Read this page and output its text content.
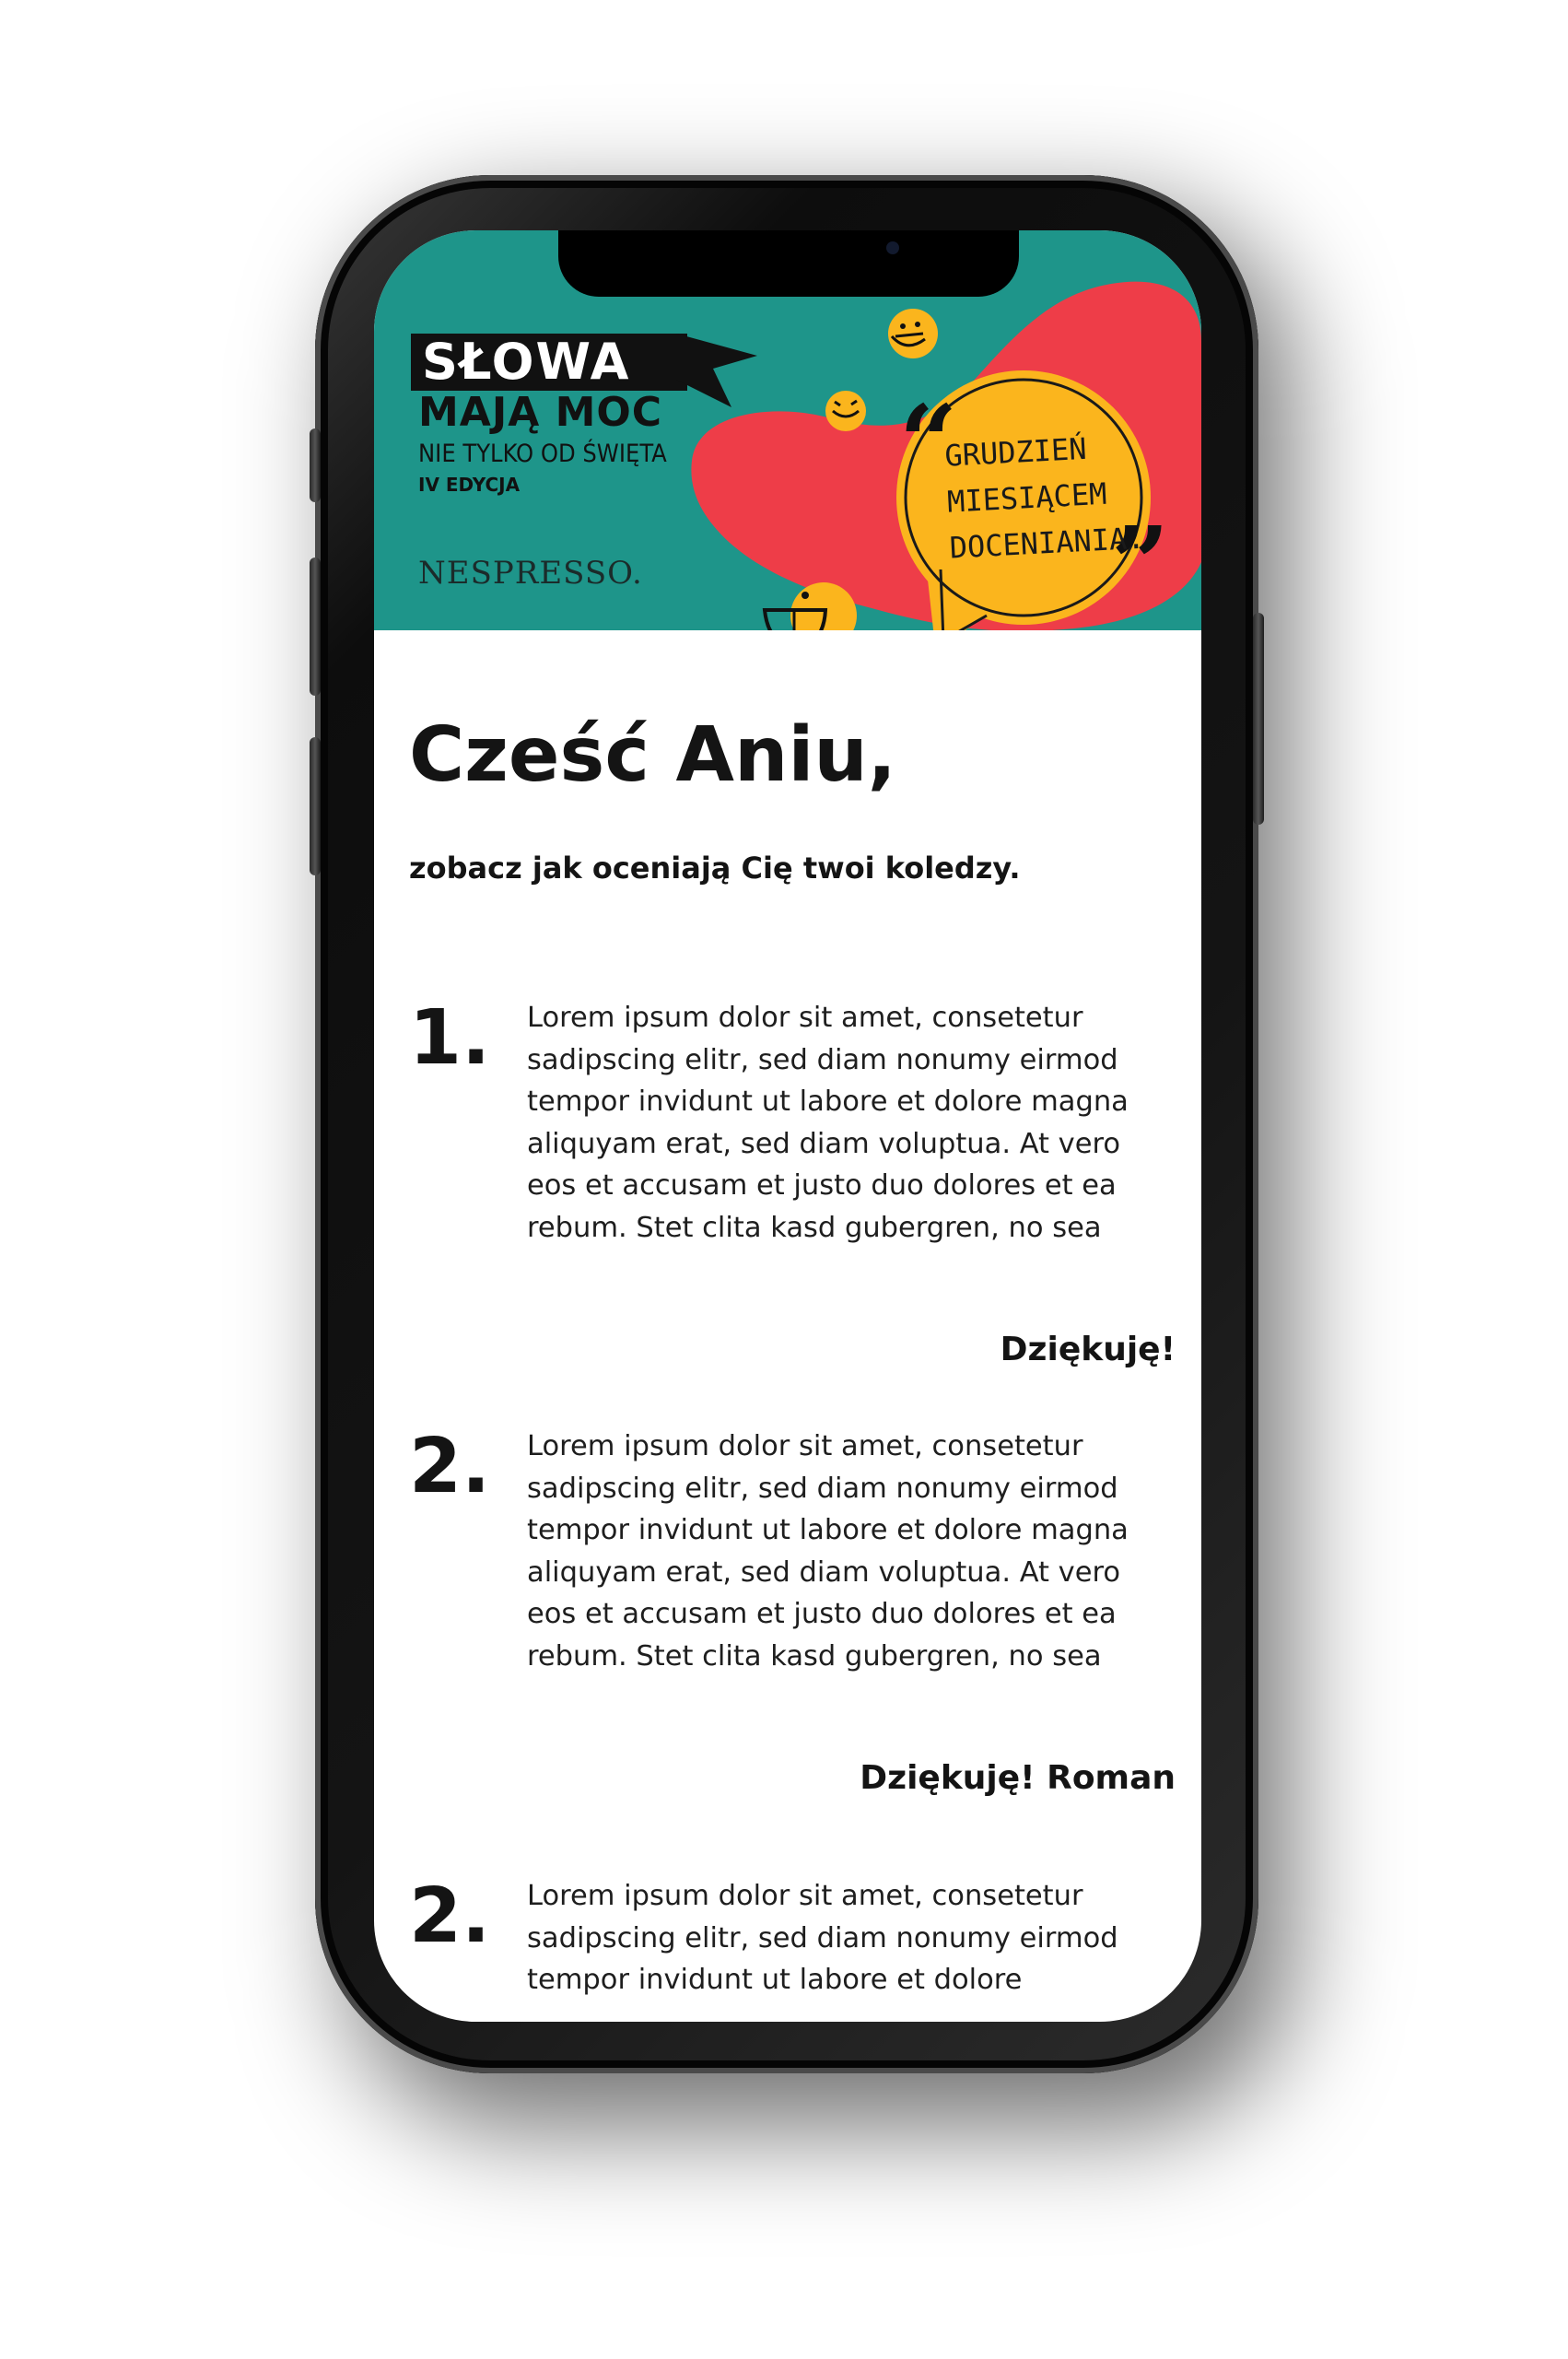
“
”
SŁOWA
MAJĄ MOC
NIE TYLKO OD ŚWIĘTA
IV EDYCJA
NESPRESSO.
GRUDZIEŃ
MIESIĄCEM
DOCENIANIA.
Cześć Aniu,

zobacz jak oceniają Cię twoi koledzy.

1. Lorem ipsum dolor sit amet, consetetur sadipscing elitr, sed diam nonumy eirmod tempor invidunt ut labore et dolore magna aliquyam erat, sed diam voluptua. At vero eos et accusam et justo duo dolores et ea rebum. Stet clita kasd gubergren, no sea

Dziękuję!
2. Lorem ipsum dolor sit amet, consetetur sadipscing elitr, sed diam nonumy eirmod tempor invidunt ut labore et dolore magna aliquyam erat, sed diam voluptua. At vero eos et accusam et justo duo dolores et ea rebum. Stet clita kasd gubergren, no sea

Dziękuję! Roman
2. Lorem ipsum dolor sit amet, consetetur sadipscing elitr, sed diam nonumy eirmod tempor invidunt ut labore et dolore
